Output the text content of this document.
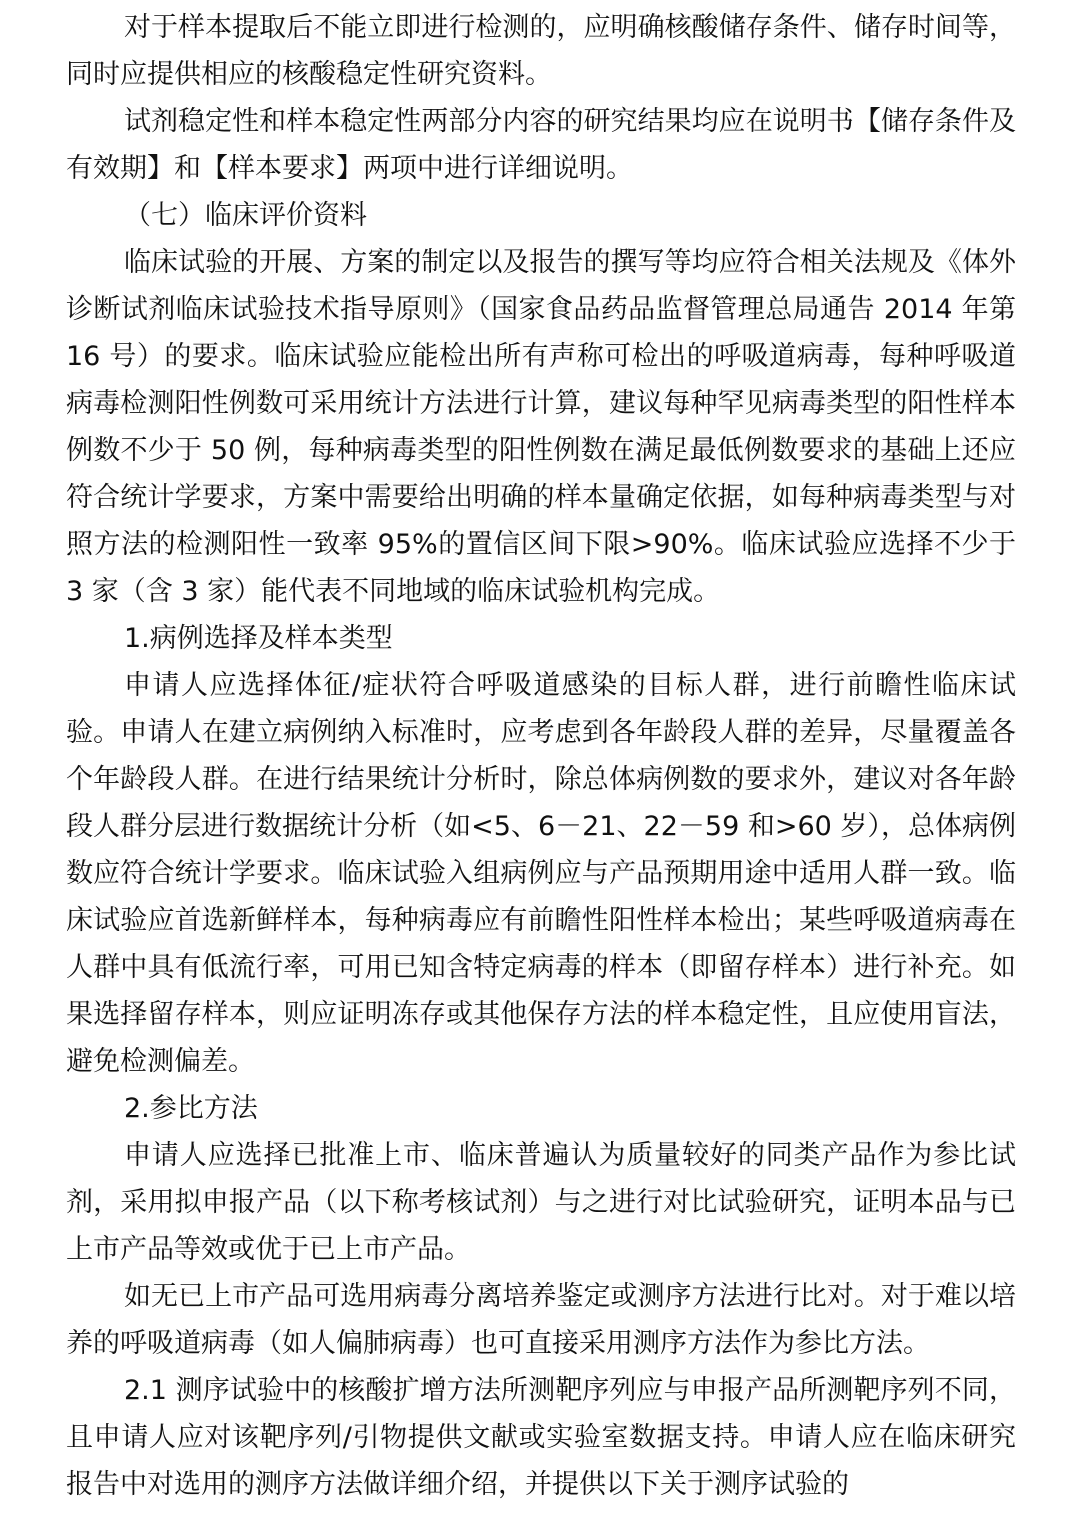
对于样本提取后不能立即进行检测的，应明确核酸储存条件、储存时间等，同时应提供相应的核酸稳定性研究资料。

试剂稳定性和样本稳定性两部分内容的研究结果均应在说明书【储存条件及有效期】和【样本要求】两项中进行详细说明。

（七）临床评价资料

临床试验的开展、方案的制定以及报告的撰写等均应符合相关法规及《体外诊断试剂临床试验技术指导原则》（国家食品药品监督管理总局通告 2014 年第 16 号）的要求。临床试验应能检出所有声称可检出的呼吸道病毒，每种呼吸道病毒检测阳性例数可采用统计方法进行计算，建议每种罕见病毒类型的阳性样本例数不少于 50 例，每种病毒类型的阳性例数在满足最低例数要求的基础上还应符合统计学要求，方案中需要给出明确的样本量确定依据，如每种病毒类型与对照方法的检测阳性一致率 95%的置信区间下限>90%。临床试验应选择不少于 3 家（含 3 家）能代表不同地域的临床试验机构完成。

1.病例选择及样本类型

申请人应选择体征/症状符合呼吸道感染的目标人群，进行前瞻性临床试验。申请人在建立病例纳入标准时，应考虑到各年龄段人群的差异，尽量覆盖各个年龄段人群。在进行结果统计分析时，除总体病例数的要求外，建议对各年龄段人群分层进行数据统计分析（如<5、6－21、22－59 和>60 岁），总体病例数应符合统计学要求。临床试验入组病例应与产品预期用途中适用人群一致。临床试验应首选新鲜样本，每种病毒应有前瞻性阳性样本检出；某些呼吸道病毒在人群中具有低流行率，可用已知含特定病毒的样本（即留存样本）进行补充。如果选择留存样本，则应证明冻存或其他保存方法的样本稳定性，且应使用盲法，避免检测偏差。

2.参比方法

申请人应选择已批准上市、临床普遍认为质量较好的同类产品作为参比试剂，采用拟申报产品（以下称考核试剂）与之进行对比试验研究，证明本品与已上市产品等效或优于已上市产品。

如无已上市产品可选用病毒分离培养鉴定或测序方法进行比对。对于难以培养的呼吸道病毒（如人偏肺病毒）也可直接采用测序方法作为参比方法。

2.1 测序试验中的核酸扩增方法所测靶序列应与申报产品所测靶序列不同，且申请人应对该靶序列/引物提供文献或实验室数据支持。申请人应在临床研究报告中对选用的测序方法做详细介绍，并提供以下关于测序试验的
